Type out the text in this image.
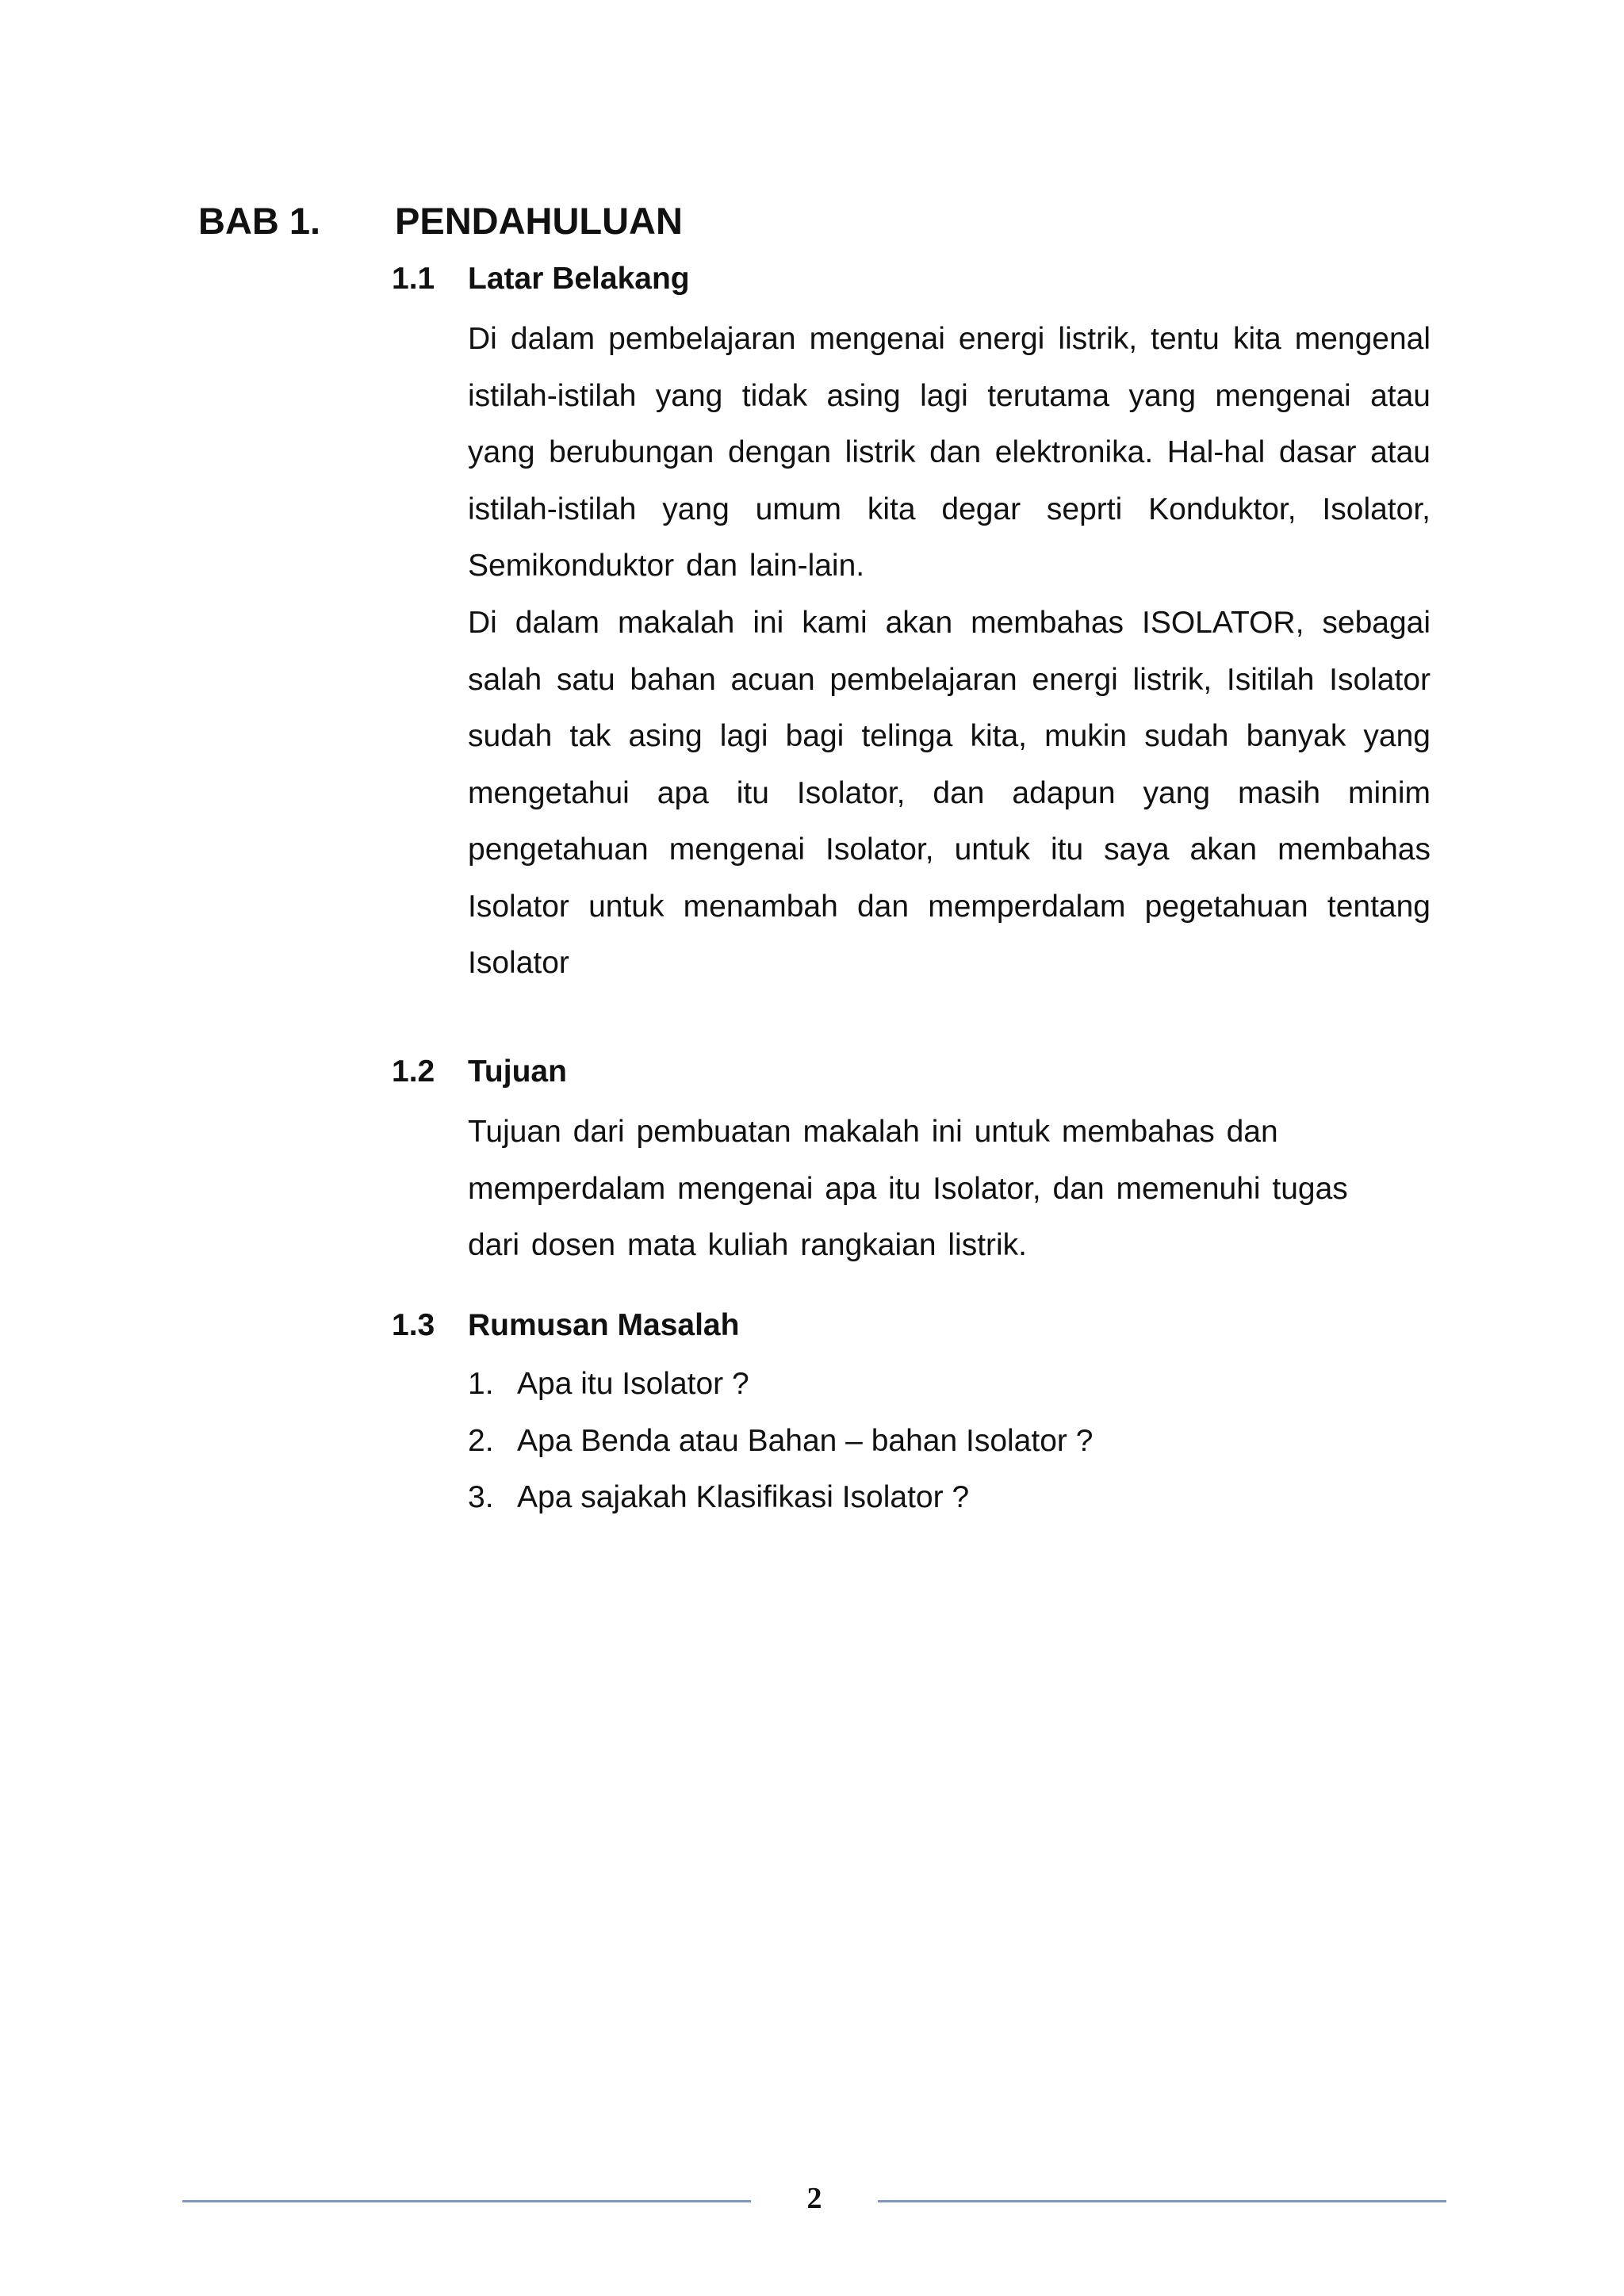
BAB 1. PENDAHULUAN
1.1 Latar Belakang

Di dalam pembelajaran mengenai energi listrik, tentu kita mengenal istilah-istilah yang tidak asing lagi terutama yang mengenai atau yang berubungan dengan listrik dan elektronika. Hal-hal dasar atau istilah-istilah yang umum kita degar seprti Konduktor, Isolator, Semikonduktor dan lain-lain.

Di dalam makalah ini kami akan membahas ISOLATOR, sebagai salah satu bahan acuan pembelajaran energi listrik, Isitilah Isolator sudah tak asing lagi bagi telinga kita, mukin sudah banyak yang mengetahui apa itu Isolator, dan adapun yang masih minim pengetahuan mengenai Isolator, untuk itu saya akan membahas Isolator untuk menambah dan memperdalam pegetahuan tentang Isolator

1.2 Tujuan

Tujuan dari pembuatan makalah ini untuk membahas dan memperdalam mengenai apa itu Isolator, dan memenuhi tugas dari dosen mata kuliah rangkaian listrik.

1.3 Rumusan Masalah
1. Apa itu Isolator ?
2. Apa Benda atau Bahan – bahan Isolator ?
3. Apa sajakah Klasifikasi Isolator ?
2
